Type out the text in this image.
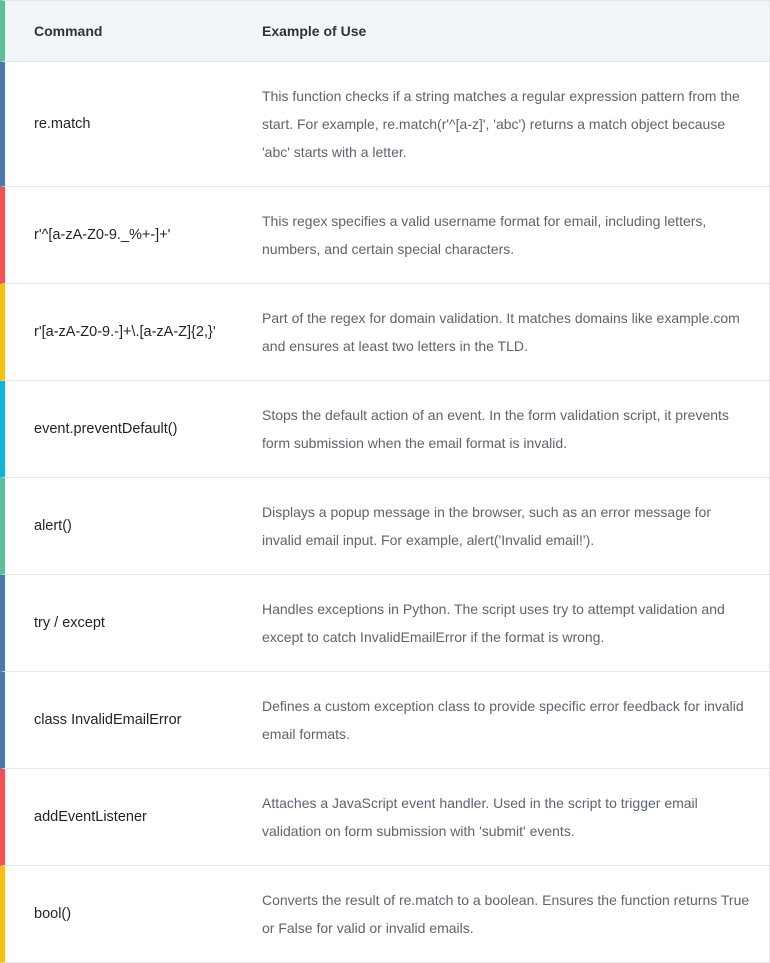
Command	Example of Use
re.match
This function checks if a string matches a regular expression pattern from the start. For example, re.match(r'^[a-z]', 'abc') returns a match object because 'abc' starts with a letter.
r'^[a-zA-Z0-9._%+-]+'
This regex specifies a valid username format for email, including letters, numbers, and certain special characters.
r'[a-zA-Z0-9.-]+\.[a-zA-Z]{2,}'
Part of the regex for domain validation. It matches domains like example.com and ensures at least two letters in the TLD.
event.preventDefault()
Stops the default action of an event. In the form validation script, it prevents form submission when the email format is invalid.
alert()
Displays a popup message in the browser, such as an error message for invalid email input. For example, alert('Invalid email!').
try / except
Handles exceptions in Python. The script uses try to attempt validation and except to catch InvalidEmailError if the format is wrong.
class InvalidEmailError
Defines a custom exception class to provide specific error feedback for invalid email formats.
addEventListener
Attaches a JavaScript event handler. Used in the script to trigger email validation on form submission with 'submit' events.
bool()
Converts the result of re.match to a boolean. Ensures the function returns True or False for valid or invalid emails.
